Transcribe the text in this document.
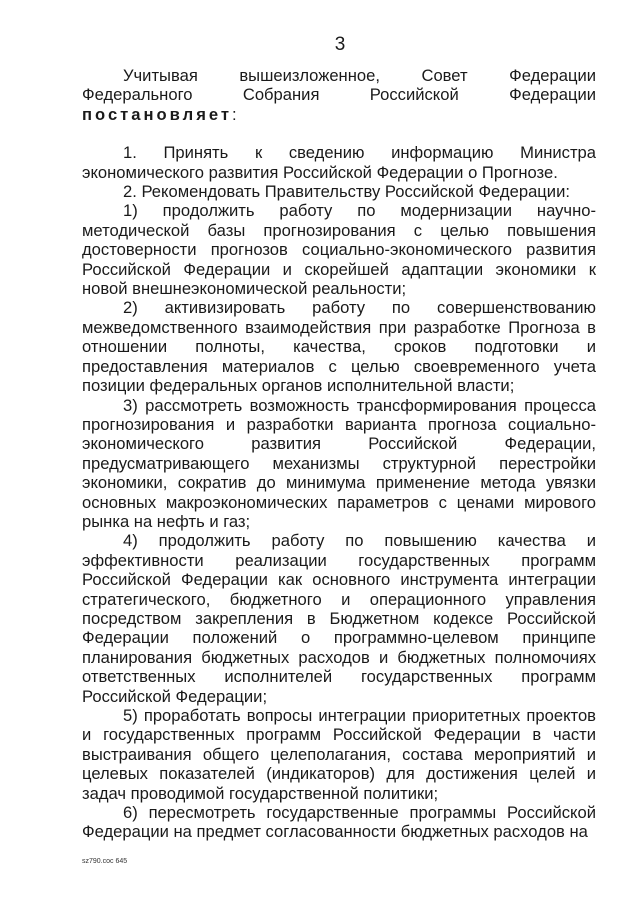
3

Учитывая вышеизложенное, Совет Федерации Федерального Собрания Российской Федерации постановляет:

1. Принять к сведению информацию Министра экономического развития Российской Федерации о Прогнозе.

2. Рекомендовать Правительству Российской Федерации:

1) продолжить работу по модернизации научно-методической базы прогнозирования с целью повышения достоверности прогнозов социально-экономического развития Российской Федерации и скорейшей адаптации экономики к новой внешнеэкономической реальности;

2) активизировать работу по совершенствованию межведомственного взаимодействия при разработке Прогноза в отношении полноты, качества, сроков подготовки и предоставления материалов с целью своевременного учета позиции федеральных органов исполнительной власти;

3) рассмотреть возможность трансформирования процесса прогнозирования и разработки варианта прогноза социально-экономического развития Российской Федерации, предусматривающего механизмы структурной перестройки экономики, сократив до минимума применение метода увязки основных макроэкономических параметров с ценами мирового рынка на нефть и газ;

4) продолжить работу по повышению качества и эффективности реализации государственных программ Российской Федерации как основного инструмента интеграции стратегического, бюджетного и операционного управления посредством закрепления в Бюджетном кодексе Российской Федерации положений о программно-целевом принципе планирования бюджетных расходов и бюджетных полномочиях ответственных исполнителей государственных программ Российской Федерации;

5) проработать вопросы интеграции приоритетных проектов и государственных программ Российской Федерации в части выстраивания общего целеполагания, состава мероприятий и целевых показателей (индикаторов) для достижения целей и задач проводимой государственной политики;

6) пересмотреть государственные программы Российской Федерации на предмет согласованности бюджетных расходов на

sz790.coc 645
